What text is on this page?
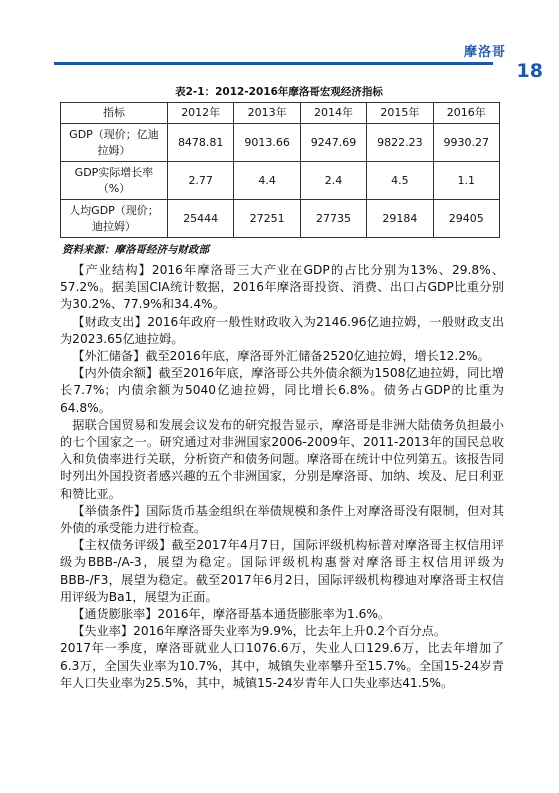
摩洛哥
18
表2-1：2012-2016年摩洛哥宏观经济指标
指标	2012年	2013年	2014年	2015年	2016年
GDP（现价；亿迪拉姆）	8478.81	9013.66	9247.69	9822.23	9930.27
GDP实际增长率（%）	2.77	4.4	2.4	4.5	1.1
人均GDP（现价；迪拉姆）	25444	27251	27735	29184	29405
资料来源：摩洛哥经济与财政部

【产业结构】2016年摩洛哥三大产业在GDP的占比分别为13%、29.8%、57.2%。据美国CIA统计数据，2016年摩洛哥投资、消费、出口占GDP比重分别为30.2%、77.9%和34.4%。

【财政支出】2016年政府一般性财政收入为2146.96亿迪拉姆，一般财政支出为2023.65亿迪拉姆。

【外汇储备】截至2016年底，摩洛哥外汇储备2520亿迪拉姆，增长12.2%。

【内外债余额】截至2016年底，摩洛哥公共外债余额为1508亿迪拉姆，同比增长7.7%；内债余额为5040亿迪拉姆，同比增长6.8%。债务占GDP的比重为64.8%。

据联合国贸易和发展会议发布的研究报告显示，摩洛哥是非洲大陆债务负担最小的七个国家之一。研究通过对非洲国家2006-2009年、2011-2013年的国民总收入和负债率进行关联，分析资产和债务问题。摩洛哥在统计中位列第五。该报告同时列出外国投资者感兴趣的五个非洲国家，分别是摩洛哥、加纳、埃及、尼日利亚和赞比亚。

【举债条件】国际货币基金组织在举债规模和条件上对摩洛哥没有限制，但对其外债的承受能力进行检查。

【主权债务评级】截至2017年4月7日，国际评级机构标普对摩洛哥主权信用评级为BBB-/A-3，展望为稳定。国际评级机构惠誉对摩洛哥主权信用评级为BBB-/F3，展望为稳定。截至2017年6月2日，国际评级机构穆迪对摩洛哥主权信用评级为Ba1，展望为正面。

【通货膨胀率】2016年，摩洛哥基本通货膨胀率为1.6%。

【失业率】2016年摩洛哥失业率为9.9%，比去年上升0.2个百分点。

2017年一季度，摩洛哥就业人口1076.6万，失业人口129.6万，比去年增加了6.3万，全国失业率为10.7%，其中，城镇失业率攀升至15.7%。全国15-24岁青年人口失业率为25.5%，其中，城镇15-24岁青年人口失业率达41.5%。
